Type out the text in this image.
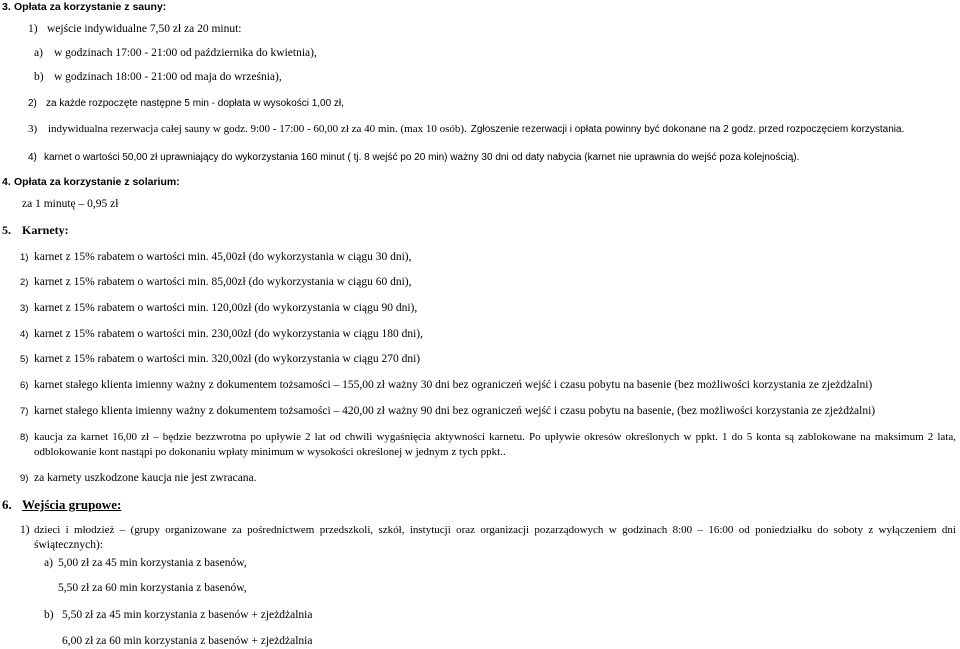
3. Opłata za korzystanie z sauny:
1) wejście indywidualne 7,50 zł za 20 minut:
a) w godzinach 17:00 - 21:00 od października do kwietnia),
b) w godzinach 18:00 - 21:00 od maja do września),
2) za każde rozpoczęte następne 5 min - dopłata w wysokości 1,00 zł,
3) indywidualna rezerwacja całej sauny w godz. 9:00 - 17:00 - 60,00 zł za 40 min. (max 10 osób). Zgłoszenie rezerwacji i opłata powinny być dokonane na 2 godz. przed rozpoczęciem korzystania.
4) karnet o wartości 50,00 zł uprawniający do wykorzystania 160 minut ( tj. 8 wejść po 20 min) ważny 30 dni od daty nabycia (karnet nie uprawnia do wejść poza kolejnością).
4. Opłata za korzystanie z solarium:
za 1 minutę – 0,95 zł
5. Karnety:
1) karnet z 15% rabatem o wartości min. 45,00zł (do wykorzystania w ciągu 30 dni),
2) karnet z 15% rabatem o wartości min. 85,00zł (do wykorzystania w ciągu 60 dni),
3) karnet z 15% rabatem o wartości min. 120,00zł (do wykorzystania w ciągu 90 dni),
4) karnet z 15% rabatem o wartości min. 230,00zł (do wykorzystania w ciągu 180 dni),
5) karnet z 15% rabatem o wartości min. 320,00zł (do wykorzystania w ciągu 270 dni)
6) karnet stałego klienta imienny ważny z dokumentem tożsamości – 155,00 zł ważny 30 dni bez ograniczeń wejść i czasu pobytu na basenie (bez możliwości korzystania ze zjeżdżalni)
7) karnet stałego klienta imienny ważny z dokumentem tożsamości – 420,00 zł ważny 90 dni bez ograniczeń wejść i czasu pobytu na basenie, (bez możliwości korzystania ze zjeżdżalni)
8) kaucja za karnet 16,00 zł – będzie bezzwrotna po upływie 2 lat od chwili wygaśnięcia aktywności karnetu. Po upływie okresów określonych w ppkt. 1 do 5 konta są zablokowane na maksimum 2 lata,
odblokowanie kont nastąpi po dokonaniu wpłaty minimum w wysokości określonej w jednym z tych ppkt..
9) za karnety uszkodzone kaucja nie jest zwracana.
6. Wejścia grupowe:
1) dzieci i młodzież – (grupy organizowane za pośrednictwem przedszkoli, szkół, instytucji oraz organizacji pozarządowych w godzinach 8:00 – 16:00 od poniedziałku do soboty z wyłączeniem dni
świątecznych):
a) 5,00 zł za 45 min korzystania z basenów,
5,50 zł za 60 min korzystania z basenów,
b) 5,50 zł za 45 min korzystania z basenów + zjeżdżalnia
6,00 zł za 60 min korzystania z basenów + zjeżdżalnia
